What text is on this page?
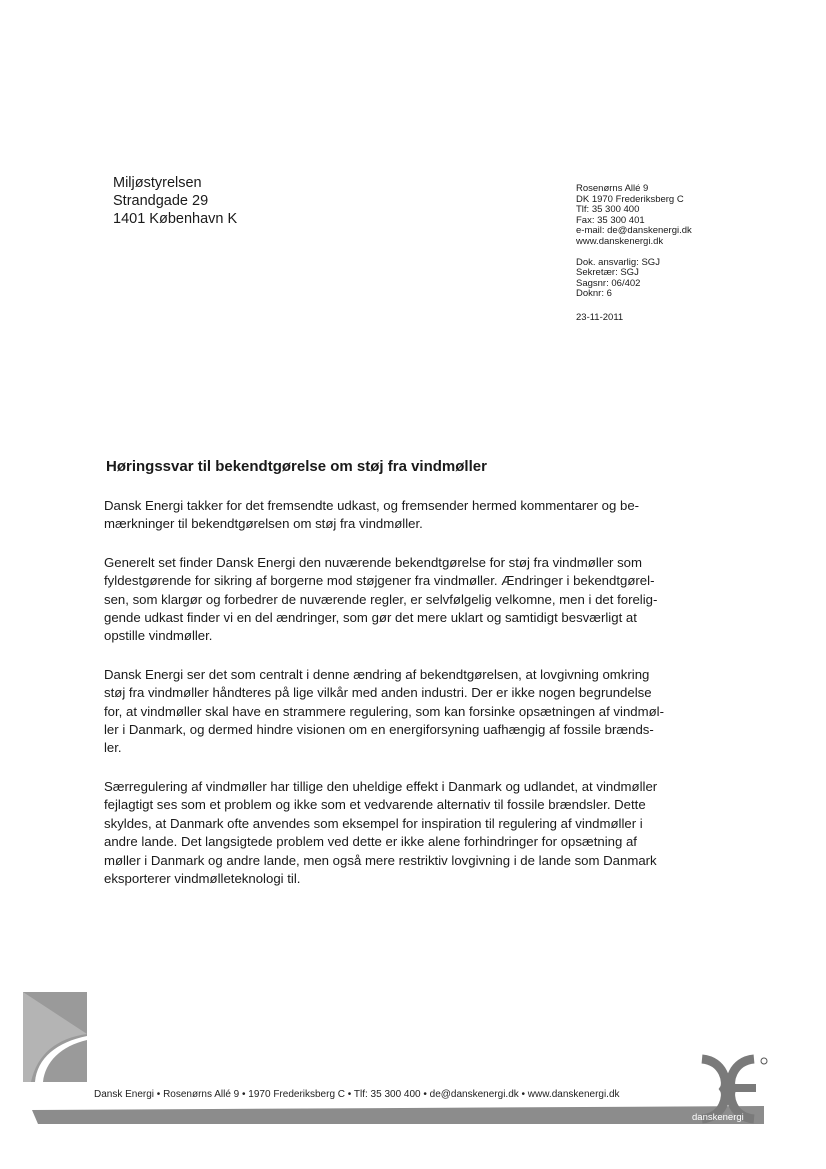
Miljøstyrelsen
Strandgade 29
1401 København K
Rosenørns Allé 9
DK 1970 Frederiksberg C
Tlf: 35 300 400
Fax: 35 300 401
e-mail: de@danskenergi.dk
www.danskenergi.dk
Dok. ansvarlig: SGJ
Sekretær: SGJ
Sagsnr: 06/402
Doknr: 6
23-11-2011
Høringssvar til bekendtgørelse om støj fra vindmøller

Dansk Energi takker for det fremsendte udkast, og fremsender hermed kommentarer og be-
mærkninger til bekendtgørelsen om støj fra vindmøller.

Generelt set finder Dansk Energi den nuværende bekendtgørelse for støj fra vindmøller som
fyldestgørende for sikring af borgerne mod støjgener fra vindmøller. Ændringer i bekendtgørel-
sen, som klargør og forbedrer de nuværende regler, er selvfølgelig velkomne, men i det forelig-
gende udkast finder vi en del ændringer, som gør det mere uklart og samtidigt besværligt at
opstille vindmøller.

Dansk Energi ser det som centralt i denne ændring af bekendtgørelsen, at lovgivning omkring
støj fra vindmøller håndteres på lige vilkår med anden industri. Der er ikke nogen begrundelse
for, at vindmøller skal have en strammere regulering, som kan forsinke opsætningen af vindmøl-
ler i Danmark, og dermed hindre visionen om en energiforsyning uafhængig af fossile brænds-
ler.

Særregulering af vindmøller har tillige den uheldige effekt i Danmark og udlandet, at vindmøller
fejlagtigt ses som et problem og ikke som et vedvarende alternativ til fossile brændsler. Dette
skyldes, at Danmark ofte anvendes som eksempel for inspiration til regulering af vindmøller i
andre lande. Det langsigtede problem ved dette er ikke alene forhindringer for opsætning af
møller i Danmark og andre lande, men også mere restriktiv lovgivning i de lande som Danmark
eksporterer vindmølleteknologi til.

Dansk Energi • Rosenørns Allé 9 • 1970 Frederiksberg C • Tlf: 35 300 400 • de@danskenergi.dk • www.danskenergi.dk
danskenergi
